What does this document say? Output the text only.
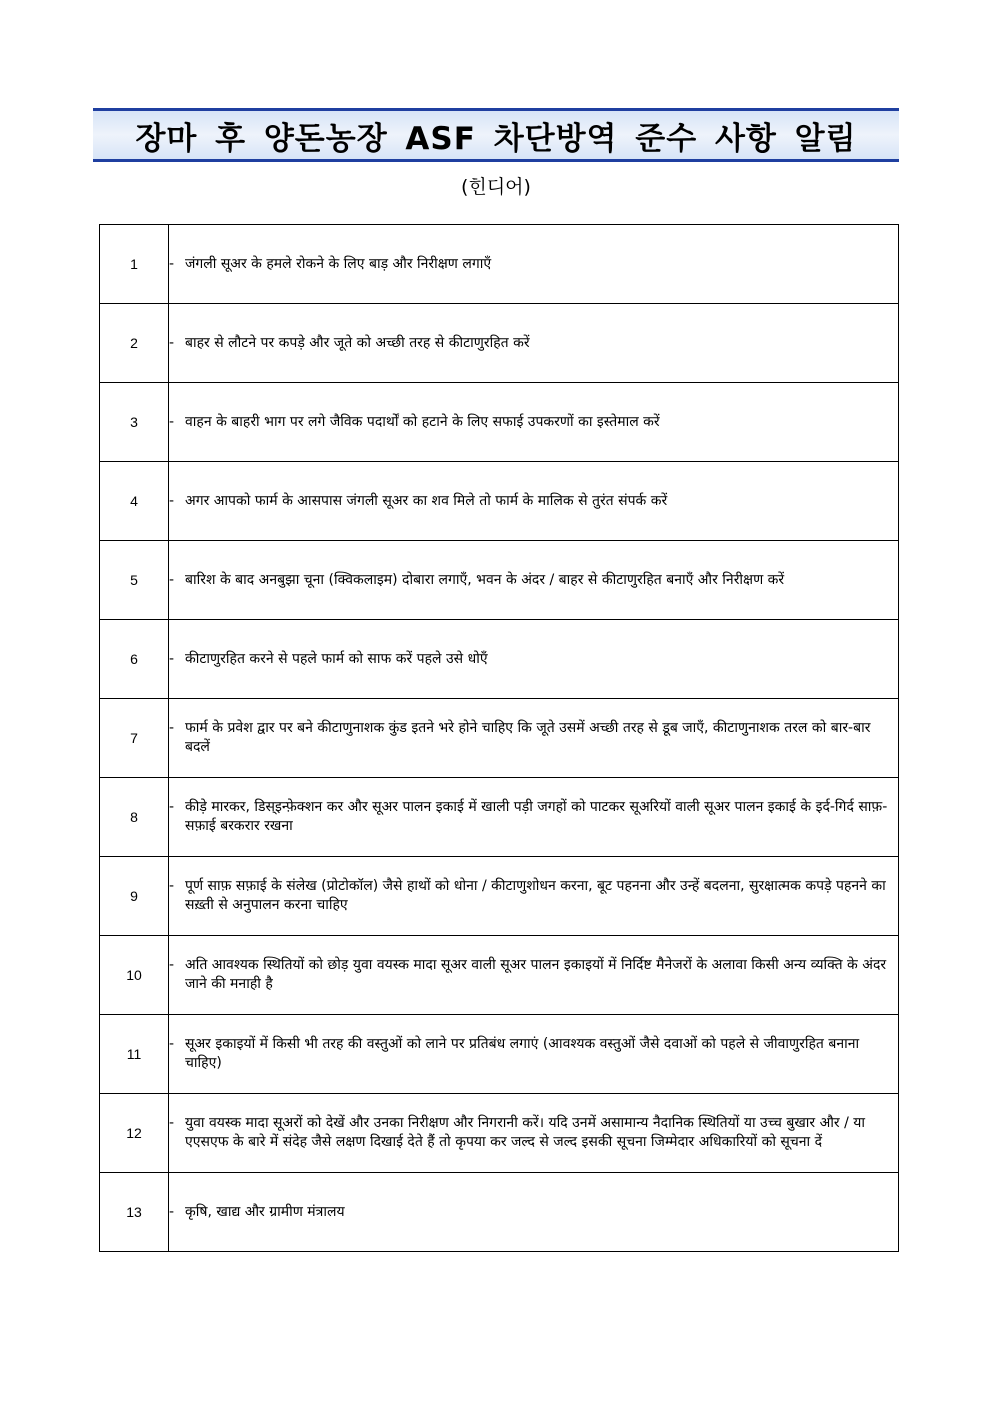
장마 후 양돈농장 ASF 차단방역 준수 사항 알림
(힌디어)
1	- जंगली सूअर के हमले रोकने के लिए बाड़ और निरीक्षण लगाएँ

2	- बाहर से लौटने पर कपड़े और जूते को अच्छी तरह से कीटाणुरहित करें

3	- वाहन के बाहरी भाग पर लगे जैविक पदार्थों को हटाने के लिए सफाई उपकरणों का इस्तेमाल करें

4	- अगर आपको फार्म के आसपास जंगली सूअर का शव मिले तो फार्म के मालिक से तुरंत संपर्क करें

5	- बारिश के बाद अनबुझा चूना (क्विकलाइम) दोबारा लगाएँ, भवन के अंदर / बाहर से कीटाणुरहित बनाएँ और निरीक्षण करें

6	- कीटाणुरहित करने से पहले फार्म को साफ करें पहले उसे धोएँ

7	- फार्म के प्रवेश द्वार पर बने कीटाणुनाशक कुंड इतने भरे होने चाहिए कि जूते उसमें अच्छी तरह से डूब जाएँ, कीटाणुनाशक तरल को बार-बार बदलें

8	- कीड़े मारकर, डिस्इन्फ़ेक्शन कर और सूअर पालन इकाई में खाली पड़ी जगहों को पाटकर सूअरियों वाली सूअर पालन इकाई के इर्द-गिर्द साफ़-सफ़ाई बरकरार रखना

9	- पूर्ण साफ़ सफ़ाई के संलेख (प्रोटोकॉल) जैसे हाथों को धोना / कीटाणुशोधन करना, बूट पहनना और उन्हें बदलना, सुरक्षात्मक कपड़े पहनने का सख़्ती से अनुपालन करना चाहिए

10	- अति आवश्यक स्थितियों को छोड़ युवा वयस्क मादा सूअर वाली सूअर पालन इकाइयों में निर्दिष्ट मैनेजरों के अलावा किसी अन्य व्यक्ति के अंदर जाने की मनाही है

11	- सूअर इकाइयों में किसी भी तरह की वस्तुओं को लाने पर प्रतिबंध लगाएं (आवश्यक वस्तुओं जैसे दवाओं को पहले से जीवाणुरहित बनाना चाहिए)

12	- युवा वयस्क मादा सूअरों को देखें और उनका निरीक्षण और निगरानी करें। यदि उनमें असामान्य नैदानिक स्थितियों या उच्च बुखार और / या एएसएफ के बारे में संदेह जैसे लक्षण दिखाई देते हैं तो कृपया कर जल्द से जल्द इसकी सूचना जिम्मेदार अधिकारियों को सूचना दें

13	- कृषि, खाद्य और ग्रामीण मंत्रालय
